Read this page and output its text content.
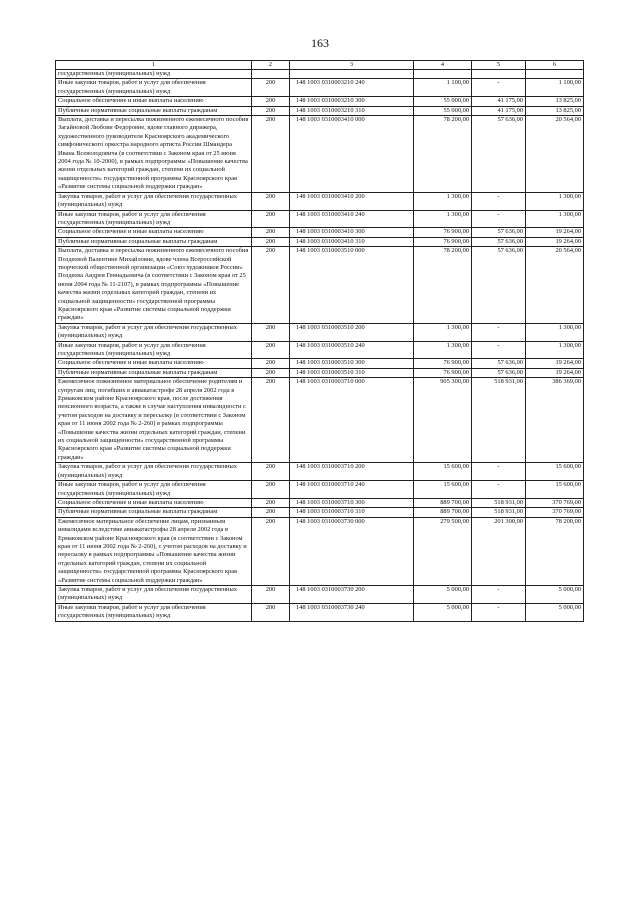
163
1	2	3	4	5	6
государственных (муниципальных) нужд					
Иные закупки товаров, работ и услуг для обеспечения государственных (муниципальных) нужд	200	148 1003 0310003210 240	1 100,00	-	1 100,00
Социальное обеспечение и иные выплаты населению	200	148 1003 0310003210 300	55 000,00	41 175,00	13 825,00
Публичные нормативные социальные выплаты гражданам	200	148 1003 0310003210 310	55 000,00	41 175,00	13 825,00
Выплата, доставка и пересылка пожизненного ежемесячного пособия Загайновой Любови Федоровне, вдове главного дирижера, художественного руководителя Красноярского академического симфонического оркестра народного артиста России Шмандера Ивана Всеволодовича (в соответствии с Законом края от 25 июня 2004 года № 10-2000), в рамках подпрограммы «Повышение качества жизни отдельных категорий граждан, степени их социальной защищенности» государственной программы Красноярского края «Развитие системы социальной поддержки граждан»	200	148 1003 0310003410 000	78 200,00	57 636,00	20 564,00
Закупка товаров, работ и услуг для обеспечения государственных (муниципальных) нужд	200	148 1003 0310003410 200	1 300,00	-	1 300,00
Иные закупки товаров, работ и услуг для обеспечения государственных (муниципальных) нужд	200	148 1003 0310003410 240	1 300,00	-	1 300,00
Социальное обеспечение и иные выплаты населению	200	148 1003 0310003410 300	76 900,00	57 636,00	19 264,00
Публичные нормативные социальные выплаты гражданам	200	148 1003 0310003410 310	76 900,00	57 636,00	19 264,00
Выплата, доставка и пересылка пожизненного ежемесячного пособия Поздеевой Валентине Михайловне, вдове члена Всероссийской творческой общественной организации «Союз художников России» Поздеева Андрея Геннадьевича (в соответствии с Законом края от 25 июня 2004 года № 11-2107), в рамках подпрограммы «Повышение качества жизни отдельных категорий граждан, степени их социальной защищенности» государственной программы Красноярского края «Развитие системы социальной поддержки граждан»	200	148 1003 0310003510 000	78 200,00	57 636,00	20 564,00
Закупка товаров, работ и услуг для обеспечения государственных (муниципальных) нужд	200	148 1003 0310003510 200	1 300,00	-	1 300,00
Иные закупки товаров, работ и услуг для обеспечения государственных (муниципальных) нужд	200	148 1003 0310003510 240	1 300,00	-	1 300,00
Социальное обеспечение и иные выплаты населению	200	148 1003 0310003510 300	76 900,00	57 636,00	19 264,00
Публичные нормативные социальные выплаты гражданам	200	148 1003 0310003510 310	76 900,00	57 636,00	19 264,00
Ежемесячное пожизненное материальное обеспечение родителям и супругам лиц, погибших в авиакатастрофе 28 апреля 2002 года в Ермаковском районе Красноярского края, после достижения пенсионного возраста, а также в случае наступления инвалидности с учетом расходов на доставку и пересылку (в соответствии с Законом края от 11 июня 2002 года № 2-260) в рамках подпрограммы «Повышение качества жизни отдельных категорий граждан, степени их социальной защищенности» государственной программы Красноярского края «Развитие системы социальной поддержки граждан»	200	148 1003 0310003710 000	905 300,00	518 931,00	386 369,00
Закупка товаров, работ и услуг для обеспечения государственных (муниципальных) нужд	200	148 1003 0310003710 200	15 600,00	-	15 600,00
Иные закупки товаров, работ и услуг для обеспечения государственных (муниципальных) нужд	200	148 1003 0310003710 240	15 600,00	-	15 600,00
Социальное обеспечение и иные выплаты населению	200	148 1003 0310003710 300	889 700,00	518 931,00	370 769,00
Публичные нормативные социальные выплаты гражданам	200	148 1003 0310003710 310	889 700,00	518 931,00	370 769,00
Ежемесячное материальное обеспечение лицам, признанным инвалидами вследствие авиакатастрофы 28 апреля 2002 года в Ермаковском районе Красноярского края (в соответствии с Законом края от 11 июня 2002 года № 2-260), с учетом расходов на доставку и пересылку в рамках подпрограммы «Повышение качества жизни отдельных категорий граждан, степени их социальной защищенности» государственной программы Красноярского края «Развитие системы социальной поддержки граждан»	200	148 1003 0310003730 000	279 500,00	201 300,00	78 200,00
Закупка товаров, работ и услуг для обеспечения государственных (муниципальных) нужд	200	148 1003 0310003730 200	5 000,00	-	5 000,00
Иные закупки товаров, работ и услуг для обеспечения государственных (муниципальных) нужд	200	148 1003 0310003730 240	5 000,00	-	5 000,00
